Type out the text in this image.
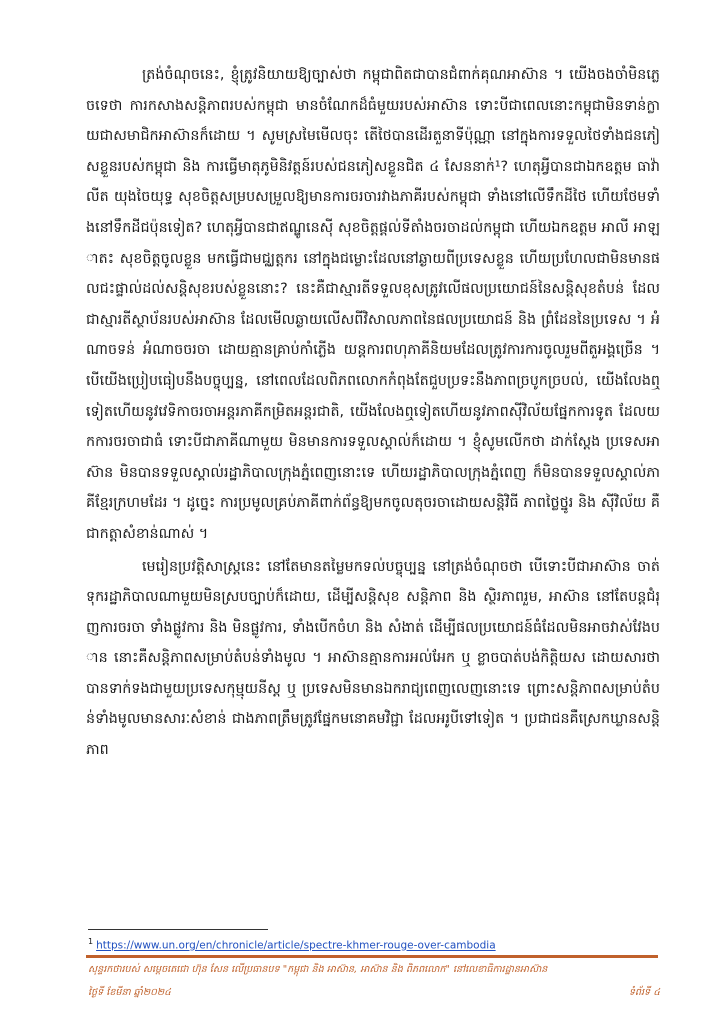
ត្រង់ចំណុចនេះ, ខ្ញុំត្រូវនិយាយឱ្យច្បាស់ថា កម្ពុជាពិតជាបានជំពាក់គុណអាស៊ាន ។ យើងចងចាំមិនភ្លេចទេថា ការកសាងសន្តិភាពរបស់កម្ពុជា មានចំណែកដ៏ធំមួយរបស់អាស៊ាន ទោះបីជាពេលនោះកម្ពុជាមិនទាន់ក្លាយជាសមាជិកអាស៊ានក៏ដោយ ។ សូមស្រមៃមើលចុះ តើថៃបានដើរតួនាទីប៉ុណ្ណា នៅក្នុងការទទួលថៃទាំងជនភៀសខ្លួនរបស់កម្ពុជា និង ការធ្វើមាតុភូមិនិវត្តន៍របស់ជនភៀសខ្លួនជិត ៤ សែននាក់¹? ហេតុអ្វីបានជាឯកឧត្តម ធាវ៉ាលីត យុងចៃយុទ្ធ សុខចិត្តសម្របសម្រួលឱ្យមានការចរចារវាងភាគីរបស់កម្ពុជា ទាំងនៅលើទឹកដីថៃ ហើយថែមទាំងនៅទឹកដីជប៉ុនទៀត? ហេតុអ្វីបានជាឥណ្ឌូនេស៊ី សុខចិត្តផ្តល់ទីតាំងចរចាដល់កម្ពុជា ហើយឯកឧត្តម អាលី អាឡាតះ សុខចិត្តចូលខ្លួន មកធ្វើជាមជ្ឈត្តករ នៅក្នុងជម្លោះដែលនៅឆ្ងាយពីប្រទេសខ្លួន ហើយប្រហែលជាមិនមានផលជះផ្ទាល់ដល់សន្តិសុខរបស់ខ្លួននោះ? នេះគឺជាស្មារតីទទួលខុសត្រូវលើផលប្រយោជន៍នៃសន្តិសុខតំបន់ ដែលជាស្មារតីស្ថាប័នរបស់អាស៊ាន ដែលមើលឆ្ងាយលើសពីវិសាលភាពនៃផលប្រយោជន៍ និង ព្រំដែននៃប្រទេស ។ អំណាចទន់ អំណាចចរចា ដោយគ្មានគ្រាប់កាំភ្លើង យន្តការពហុភាគីនិយមដែលត្រូវការការចូលរួមពីតួអង្គច្រើន ។ បើយើងប្រៀបធៀបនឹងបច្ចុប្បន្ន, នៅពេលដែលពិភពលោកកំពុងតែជួបប្រទះនឹងភាពច្របូកច្របល់, យើងលែងឮទៀតហើយនូវវេទិកាចរចាអន្តរភាគីកម្រិតអន្តរជាតិ, យើងលែងឮទៀតហើយនូវភាពស៊ីវិល័យផ្នែកការទូត ដែលយកការចរចាជាធំ ទោះបីជាភាគីណាមួយ មិនមានការទទួលស្គាល់ក៏ដោយ ។ ខ្ញុំសូមលើកថា ដាក់ស្តែង ប្រទេសអាស៊ាន មិនបានទទួលស្គាល់រដ្ឋាភិបាលក្រុងភ្នំពេញនោះទេ ហើយរដ្ឋាភិបាលក្រុងភ្នំពេញ ក៏មិនបានទទួលស្គាល់ភាគីខ្មែរក្រហមដែរ ។ ដូច្នេះ ការប្រមូលគ្រប់ភាគីពាក់ព័ន្ធឱ្យមកចូលតុចរចាដោយសន្តិវិធី ភាពថ្លៃថ្នូរ និង ស៊ីវិល័យ គឺជាកត្តាសំខាន់ណាស់ ។

មេរៀនប្រវត្តិសាស្ត្រនេះ នៅតែមានតម្លៃមកទល់បច្ចុប្បន្ន នៅត្រង់ចំណុចថា បើទោះបីជាអាស៊ាន ចាត់ទុករដ្ឋាភិបាលណាមួយមិនស្របច្បាប់ក៏ដោយ, ដើម្បីសន្តិសុខ សន្តិភាព និង ស្ថិរភាពរួម, អាស៊ាន នៅតែបន្តជំរុញការចរចា ទាំងផ្លូវការ និង មិនផ្លូវការ, ទាំងបើកចំហ និង សំងាត់ ដើម្បីផលប្រយោជន៍ធំដែលមិនអាចវាស់វែងបាន នោះគឺសន្តិភាពសម្រាប់តំបន់ទាំងមូល ។ អាស៊ានគ្មានការអល់អែក ឬ ខ្លាចបាត់បង់កិត្តិយស ដោយសារថា បានទាក់ទងជាមួយប្រទេសកុម្មុយនីស្ត ឬ ប្រទេសមិនមានឯករាជ្យពេញលេញនោះទេ ព្រោះសន្តិភាពសម្រាប់តំបន់ទាំងមូលមានសារៈសំខាន់ ជាងភាពត្រឹមត្រូវផ្នែកមនោគមវិជ្ជា ដែលអរូបីទៅទៀត ។ ប្រជាជនគឺស្រេកឃ្លានសន្តិភាព

$^1$ https://www.un.org/en/chronicle/article/spectre-khmer-rouge-over-cambodia
សុន្ទរកថារបស់ សម្តេចតេជោ ហ៊ុន សែន លើប្រធានបទ "កម្ពុជា និង អាស៊ាន, អាស៊ាន និង ពិភពលោក" នៅលេខាធិការដ្ឋានអាស៊ាន
ថ្ងៃទី ខែមីនា ឆ្នាំ២០២៤	ទំព័រទី ៤
